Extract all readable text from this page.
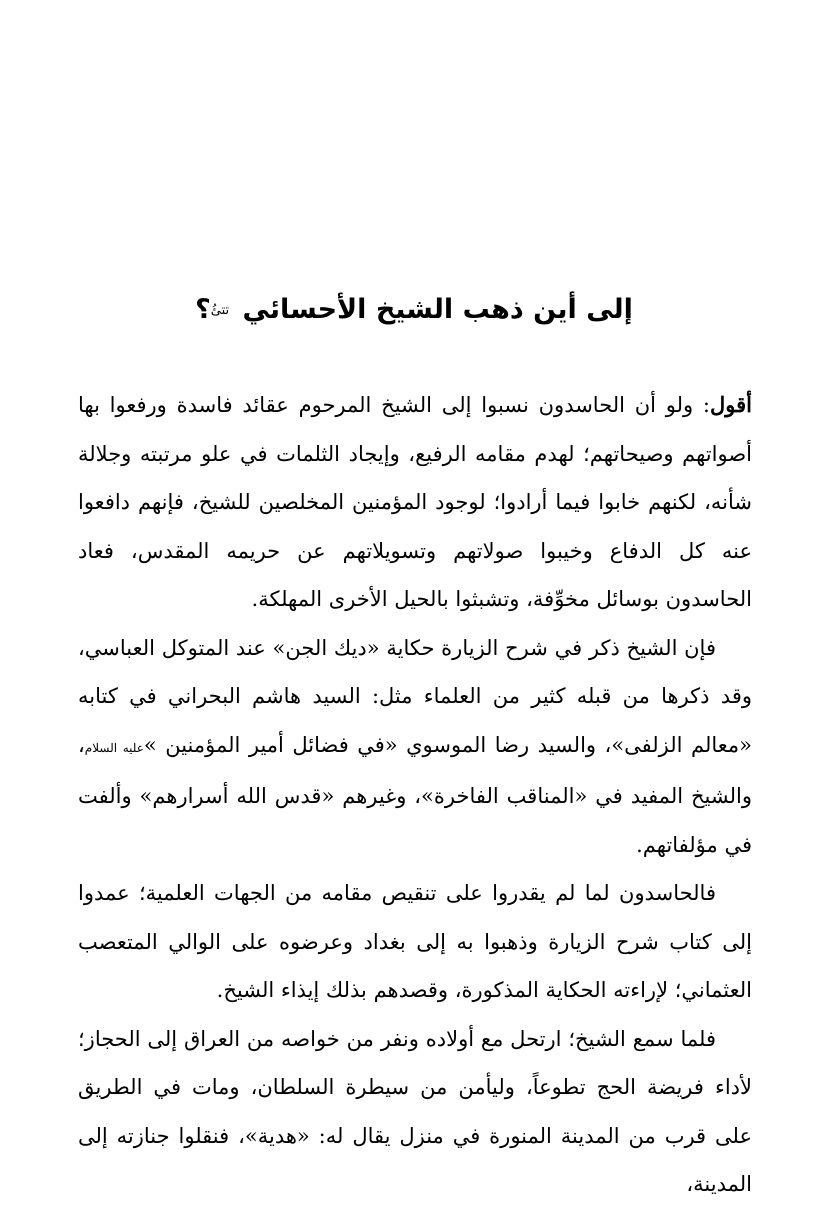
إلى أين ذهب الشيخ الأحسائي تتئُ؟

أقول: ولو أن الحاسدون نسبوا إلى الشيخ المرحوم عقائد فاسدة ورفعوا بها أصواتهم وصيحاتهم؛ لهدم مقامه الرفيع، وإيجاد الثلمات في علو مرتبته وجلالة شأنه، لكنهم خابوا فيما أرادوا؛ لوجود المؤمنين المخلصين للشيخ، فإنهم دافعوا عنه كل الدفاع وخيبوا صولاتهم وتسويلاتهم عن حريمه المقدس، فعاد الحاسدون بوسائل مخوِّفة، وتشبثوا بالحيل الأخرى المهلكة.

فإن الشيخ ذكر في شرح الزيارة حكاية «ديك الجن» عند المتوكل العباسي، وقد ذكرها من قبله كثير من العلماء مثل: السيد هاشم البحراني في كتابه «معالم الزلفى»، والسيد رضا الموسوي «في فضائل أمير المؤمنين »عليه السلام، والشيخ المفيد في «المناقب الفاخرة»، وغيرهم «قدس الله أسرارهم» وألفت في مؤلفاتهم.

فالحاسدون لما لم يقدروا على تنقيص مقامه من الجهات العلمية؛ عمدوا إلى كتاب شرح الزيارة وذهبوا به إلى بغداد وعرضوه على الوالي المتعصب العثماني؛ لإراءته الحكاية المذكورة، وقصدهم بذلك إيذاء الشيخ.

فلما سمع الشيخ؛ ارتحل مع أولاده ونفر من خواصه من العراق إلى الحجاز؛ لأداء فريضة الحج تطوعاً، وليأمن من سيطرة السلطان، ومات في الطريق على قرب من المدينة المنورة في منزل يقال له: «هدية»، فنقلوا جنازته إلى المدينة،
